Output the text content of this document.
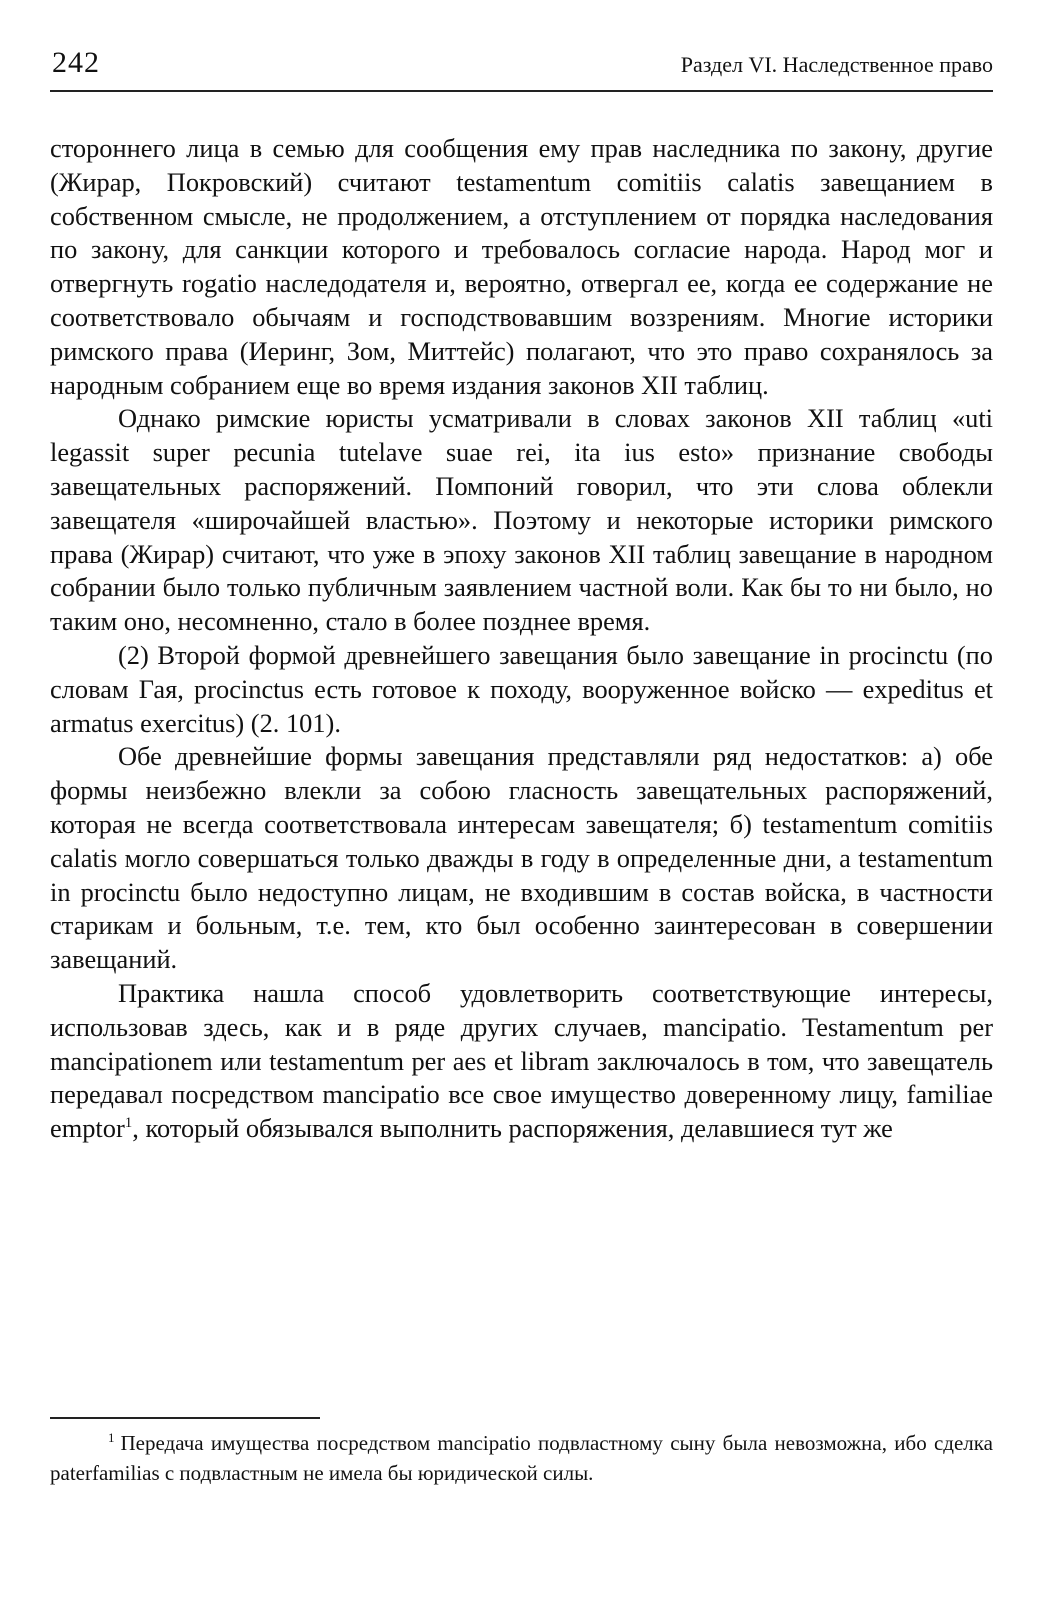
242	Раздел VI. Наследственное право

стороннего лица в семью для сообщения ему прав наследника по закону, другие (Жирар, Покровский) считают testamentum comitiis calatis завещанием в собственном смысле, не продолжением, а отступлением от порядка наследования по закону, для санкции которого и требовалось согласие народа. Народ мог и отвергнуть rogatio наследодателя и, вероятно, отвергал ее, когда ее содержание не соответствовало обычаям и господствовавшим воззрениям. Многие историки римского права (Иеринг, Зом, Миттейс) полагают, что это право сохранялось за народным собранием еще во время издания законов XII таблиц.

Однако римские юристы усматривали в словах законов XII таблиц «uti legassit super pecunia tutelave suae rei, ita ius esto» признание свободы завещательных распоряжений. Помпоний говорил, что эти слова облекли завещателя «широчайшей властью». Поэтому и некоторые историки римского права (Жирар) считают, что уже в эпоху законов XII таблиц завещание в народном собрании было только публичным заявлением частной воли. Как бы то ни было, но таким оно, несомненно, стало в более позднее время.

(2) Второй формой древнейшего завещания было завещание in procinctu (по словам Гая, procinctus есть готовое к походу, вооруженное войско — expeditus et armatus exercitus) (2. 101).

Обе древнейшие формы завещания представляли ряд недостатков: а) обе формы неизбежно влекли за собою гласность завещательных распоряжений, которая не всегда соответствовала интересам завещателя; б) testamentum comitiis calatis могло совершаться только дважды в году в определенные дни, а testamentum in procinctu было недоступно лицам, не входившим в состав войска, в частности старикам и больным, т.е. тем, кто был особенно заинтересован в совершении завещаний.

Практика нашла способ удовлетворить соответствующие интересы, использовав здесь, как и в ряде других случаев, mancipatio. Testamentum per mancipationem или testamentum per aes et libram заключалось в том, что завещатель передавал посредством mancipatio все свое имущество доверенному лицу, familiae emptor$^1$, который обязывался выполнить распоряжения, делавшиеся тут же

$^1$ Передача имущества посредством mancipatio подвластному сыну была невозможна, ибо сделка paterfamilias с подвластным не имела бы юридической силы.
